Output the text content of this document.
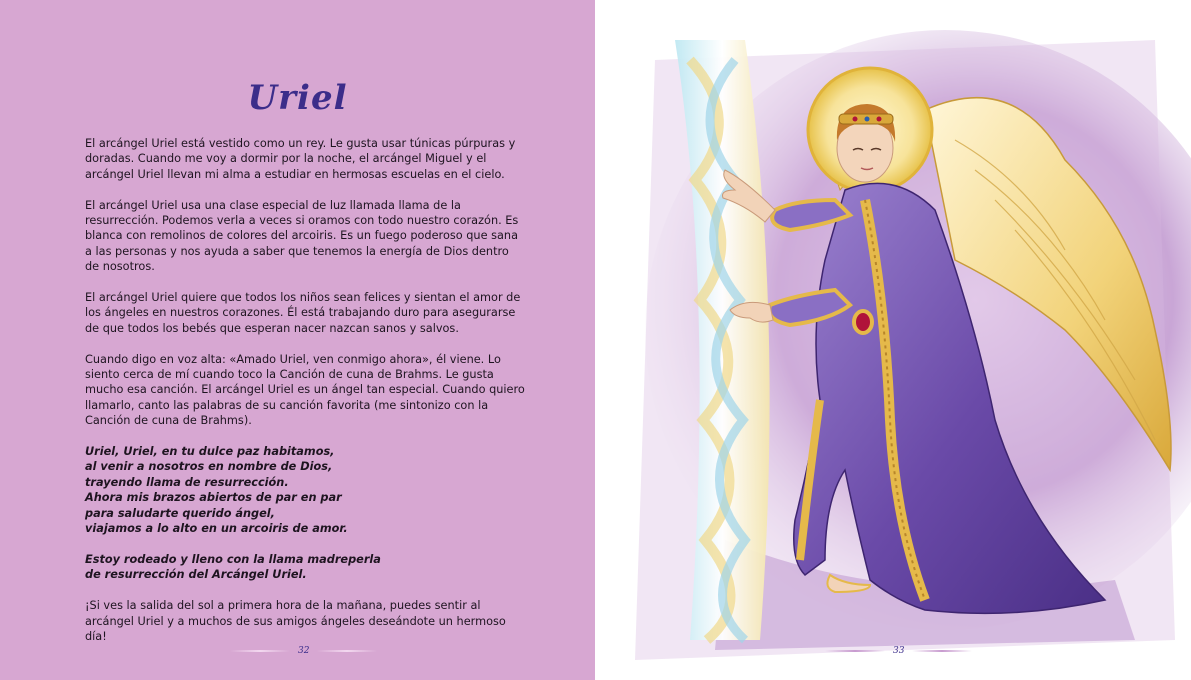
Uriel

El arcángel Uriel está vestido como un rey. Le gusta usar túnicas púrpuras y doradas. Cuando me voy a dormir por la noche, el arcángel Miguel y el arcángel Uriel llevan mi alma a estudiar en hermosas escuelas en el cielo.

El arcángel Uriel usa una clase especial de luz llamada llama de la resurrección. Podemos verla a veces si oramos con todo nuestro corazón. Es blanca con remolinos de colores del arcoiris. Es un fuego poderoso que sana a las personas y nos ayuda a saber que tenemos la energía de Dios dentro de nosotros.

El arcángel Uriel quiere que todos los niños sean felices y sientan el amor de los ángeles en nuestros corazones. Él está trabajando duro para asegurarse de que todos los bebés que esperan nacer nazcan sanos y salvos.

Cuando digo en voz alta: «Amado Uriel, ven conmigo ahora», él viene. Lo siento cerca de mí cuando toco la Canción de cuna de Brahms. Le gusta mucho esa canción. El arcángel Uriel es un ángel tan especial. Cuando quiero llamarlo, canto las palabras de su canción favorita (me sintonizo con la Canción de cuna de Brahms).

Uriel, Uriel, en tu dulce paz habitamos,
al venir a nosotros en nombre de Dios,
trayendo llama de resurrección.
Ahora mis brazos abiertos de par en par
para saludarte querido ángel,
viajamos a lo alto en un arcoiris de amor.

Estoy rodeado y lleno con la llama madreperla
de resurrección del Arcángel Uriel.

¡Si ves la salida del sol a primera hora de la mañana, puedes sentir al arcángel Uriel y a muchos de sus amigos ángeles deseándote un hermoso día!

32	33
